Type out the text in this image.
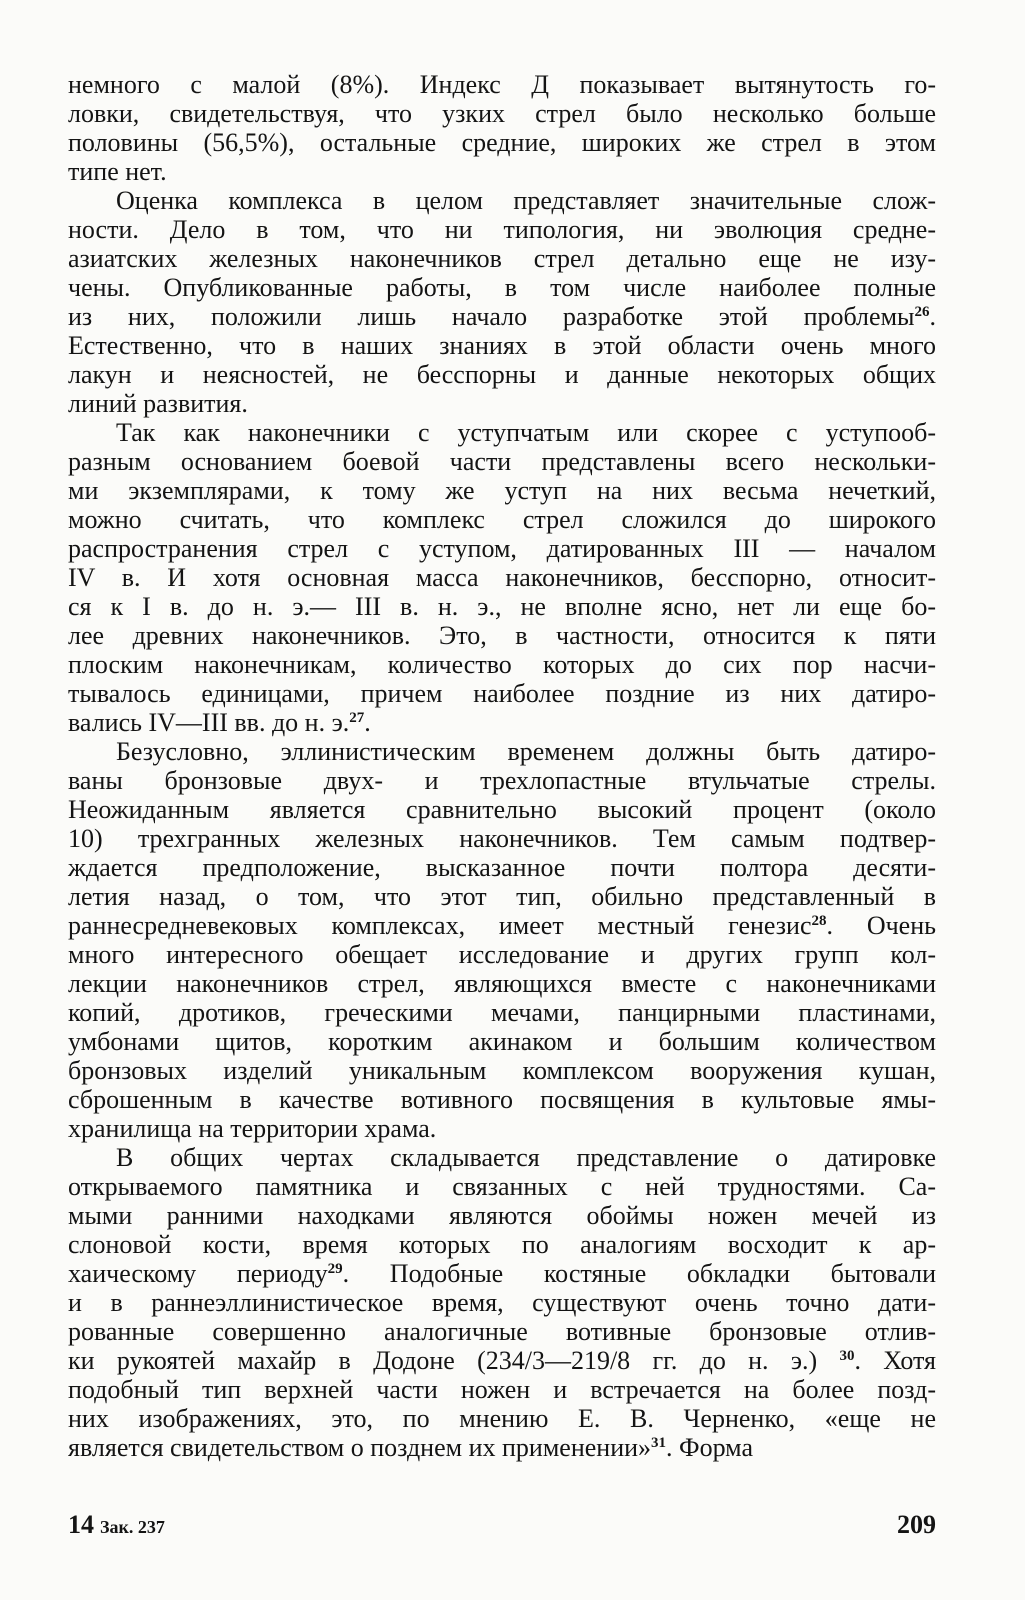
немного с малой (8%). Индекс Д показывает вытянутость го-
ловки, свидетельствуя, что узких стрел было несколько больше
половины (56,5%), остальные средние, широких же стрел в этом
типе нет.
Оценка комплекса в целом представляет значительные слож-
ности. Дело в том, что ни типология, ни эволюция средне-
азиатских железных наконечников стрел детально еще не изу-
чены. Опубликованные работы, в том числе наиболее полные
из них, положили лишь начало разработке этой проблемы$^{26}$.
Естественно, что в наших знаниях в этой области очень много
лакун и неясностей, не бесспорны и данные некоторых общих
линий развития.
Так как наконечники с уступчатым или скорее с уступооб-
разным основанием боевой части представлены всего нескольки-
ми экземплярами, к тому же уступ на них весьма нечеткий,
можно считать, что комплекс стрел сложился до широкого
распространения стрел с уступом, датированных III — началом
IV в. И хотя основная масса наконечников, бесспорно, относит-
ся к I в. до н. э.— III в. н. э., не вполне ясно, нет ли еще бо-
лее древних наконечников. Это, в частности, относится к пяти
плоским наконечникам, количество которых до сих пор насчи-
тывалось единицами, причем наиболее поздние из них датиро-
вались IV—III вв. до н. э.$^{27}$.
Безусловно, эллинистическим временем должны быть датиро-
ваны бронзовые двух- и трехлопастные втульчатые стрелы.
Неожиданным является сравнительно высокий процент (около
10) трехгранных железных наконечников. Тем самым подтвер-
ждается предположение, высказанное почти полтора десяти-
летия назад, о том, что этот тип, обильно представленный в
раннесредневековых комплексах, имеет местный генезис$^{28}$. Очень
много интересного обещает исследование и других групп кол-
лекции наконечников стрел, являющихся вместе с наконечниками
копий, дротиков, греческими мечами, панцирными пластинами,
умбонами щитов, коротким акинаком и большим количеством
бронзовых изделий уникальным комплексом вооружения кушан,
сброшенным в качестве вотивного посвящения в культовые ямы-
хранилища на территории храма.
В общих чертах складывается представление о датировке
открываемого памятника и связанных с ней трудностями. Са-
мыми ранними находками являются обоймы ножен мечей из
слоновой кости, время которых по аналогиям восходит к ар-
хаическому периоду$^{29}$. Подобные костяные обкладки бытовали
и в раннеэллинистическое время, существуют очень точно дати-
рованные совершенно аналогичные вотивные бронзовые отлив-
ки рукоятей махайр в Додоне (234/3—219/8 гг. до н. э.) $^{30}$. Хотя
подобный тип верхней части ножен и встречается на более позд-
них изображениях, это, по мнению Е. В. Черненко, «еще не
является свидетельством о позднем их применении»$^{31}$. Форма
14 Зак. 237	209
